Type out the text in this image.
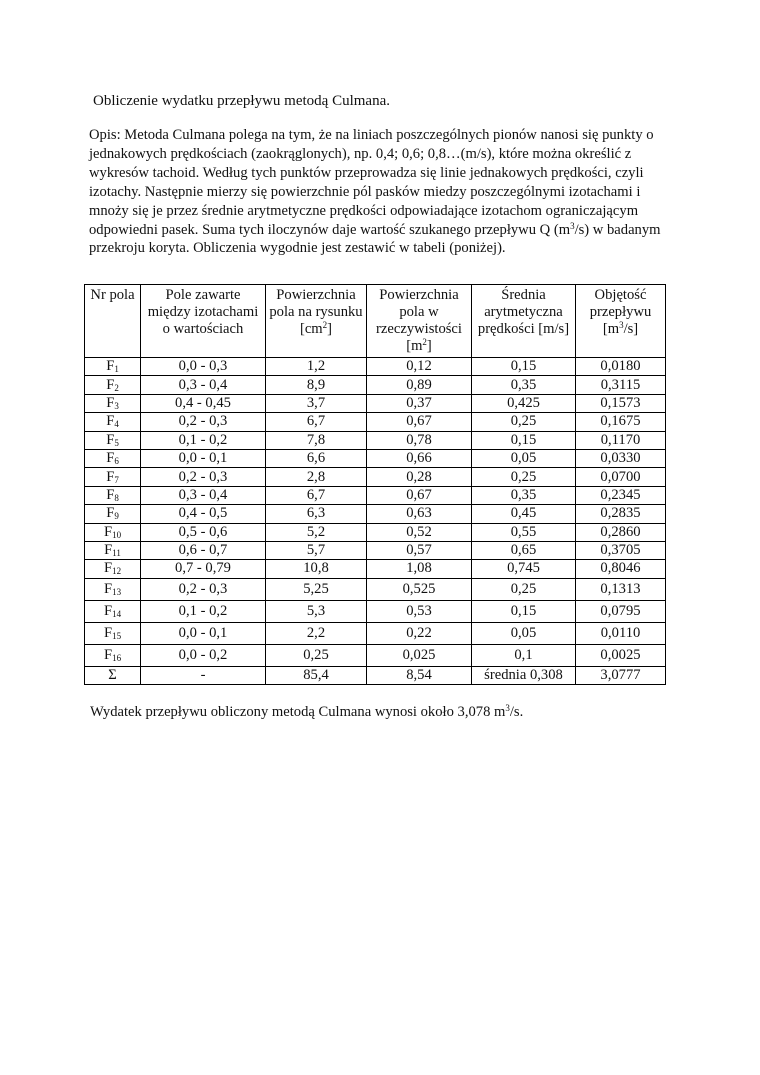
Obliczenie wydatku przepływu metodą Culmana.

Opis: Metoda Culmana polega na tym, że na liniach poszczególnych pionów nanosi się punkty o jednakowych prędkościach (zaokrąglonych), np. 0,4; 0,6; 0,8…(m/s), które można określić z wykresów tachoid. Według tych punktów przeprowadza się linie jednakowych prędkości, czyli izotachy. Następnie mierzy się powierzchnie pól pasków miedzy poszczególnymi izotachami i mnoży się je przez średnie arytmetyczne prędkości odpowiadające izotachom ograniczającym odpowiedni pasek. Suma tych iloczynów daje wartość szukanego przepływu Q $(m^3/s)$ w badanym przekroju koryta. Obliczenia wygodnie jest zestawić w tabeli (poniżej).

Nr pola	Pole zawarte między izotachami o wartościach	Powierzchnia pola na rysunku $[cm^2]$	Powierzchnia pola w rzeczywistości $[m^2]$	Średnia arytmetyczna prędkości [m/s]	Objętość przepływu $[m^3/s]$
$F_1$	0,0 - 0,3	1,2	0,12	0,15	0,0180
$F_2$	0,3 - 0,4	8,9	0,89	0,35	0,3115
$F_3$	0,4 - 0,45	3,7	0,37	0,425	0,1573
$F_4$	0,2 - 0,3	6,7	0,67	0,25	0,1675
$F_5$	0,1 - 0,2	7,8	0,78	0,15	0,1170
$F_6$	0,0 - 0,1	6,6	0,66	0,05	0,0330
$F_7$	0,2 - 0,3	2,8	0,28	0,25	0,0700
$F_8$	0,3 - 0,4	6,7	0,67	0,35	0,2345
$F_9$	0,4 - 0,5	6,3	0,63	0,45	0,2835
$F_{10}$	0,5 - 0,6	5,2	0,52	0,55	0,2860
$F_{11}$	0,6 - 0,7	5,7	0,57	0,65	0,3705
$F_{12}$	0,7 - 0,79	10,8	1,08	0,745	0,8046
$F_{13}$	0,2 - 0,3	5,25	0,525	0,25	0,1313
$F_{14}$	0,1 - 0,2	5,3	0,53	0,15	0,0795
$F_{15}$	0,0 - 0,1	2,2	0,22	0,05	0,0110
$F_{16}$	0,0 - 0,2	0,25	0,025	0,1	0,0025
Σ	-	85,4	8,54	średnia 0,308	3,0777
Wydatek przepływu obliczony metodą Culmana wynosi około 3,078 $m^3/s$.
